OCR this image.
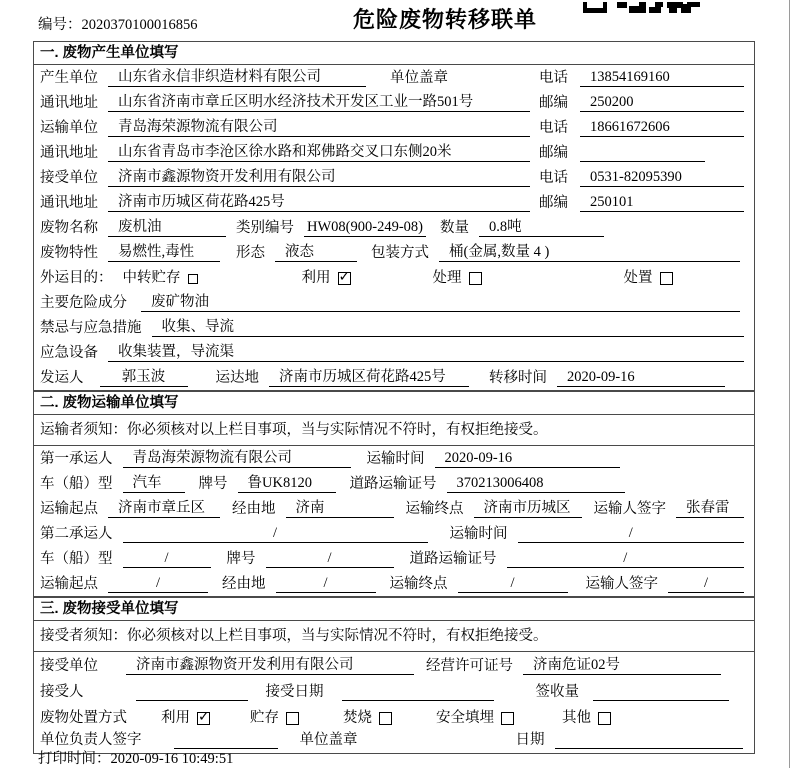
编号：2020370100016856	危险废物转移联单
一. 废物产生单位填写
产生单位	山东省永信非织造材料有限公司	单位盖章	电话	13854169160
通讯地址	山东省济南市章丘区明水经济技术开发区工业一路501号	邮编	250200
运输单位	青岛海荣源物流有限公司	电话	18661672606
通讯地址	山东省青岛市李沧区徐水路和郑佛路交叉口东侧20米	邮编
接受单位	济南市鑫源物资开发利用有限公司	电话	0531-82095390
通讯地址	济南市历城区荷花路425号	邮编	250101
废物名称	废机油	类别编号 HW08(900-249-08) 数量	0.8吨
废物特性	易燃性,毒性	形态	液态	包装方式	桶(金属,数量 4 )
外运目的： 中转贮存	利用 ✓	处理	处置
主要危险成分	废矿物油
禁忌与应急措施	收集、导流
应急设备	收集装置，导流渠
发运人	郭玉波	运达地	济南市历城区荷花路425号	转移时间	2020-09-16
二. 废物运输单位填写
运输者须知：你必须核对以上栏目事项，当与实际情况不符时，有权拒绝接受。
第一承运人	青岛海荣源物流有限公司	运输时间	2020-09-16
车（船）型	汽车	牌号	鲁UK8120	道路运输证号	370213006408
运输起点	济南市章丘区	经由地	济南	运输终点	济南市历城区	运输人签字	张春雷
第二承运人	/	运输时间	/
车（船）型	/	牌号	/	道路运输证号	/
运输起点	/	经由地	/	运输终点	/	运输人签字	/
三. 废物接受单位填写
接受者须知：你必须核对以上栏目事项，当与实际情况不符时，有权拒绝接受。
接受单位	济南市鑫源物资开发利用有限公司	经营许可证号	济南危证02号
接受人	接受日期	签收量
废物处置方式 利用 ✓	贮存	焚烧	安全填埋	其他
单位负责人签字	单位盖章	日期
打印时间：2020-09-16 10:49:51
